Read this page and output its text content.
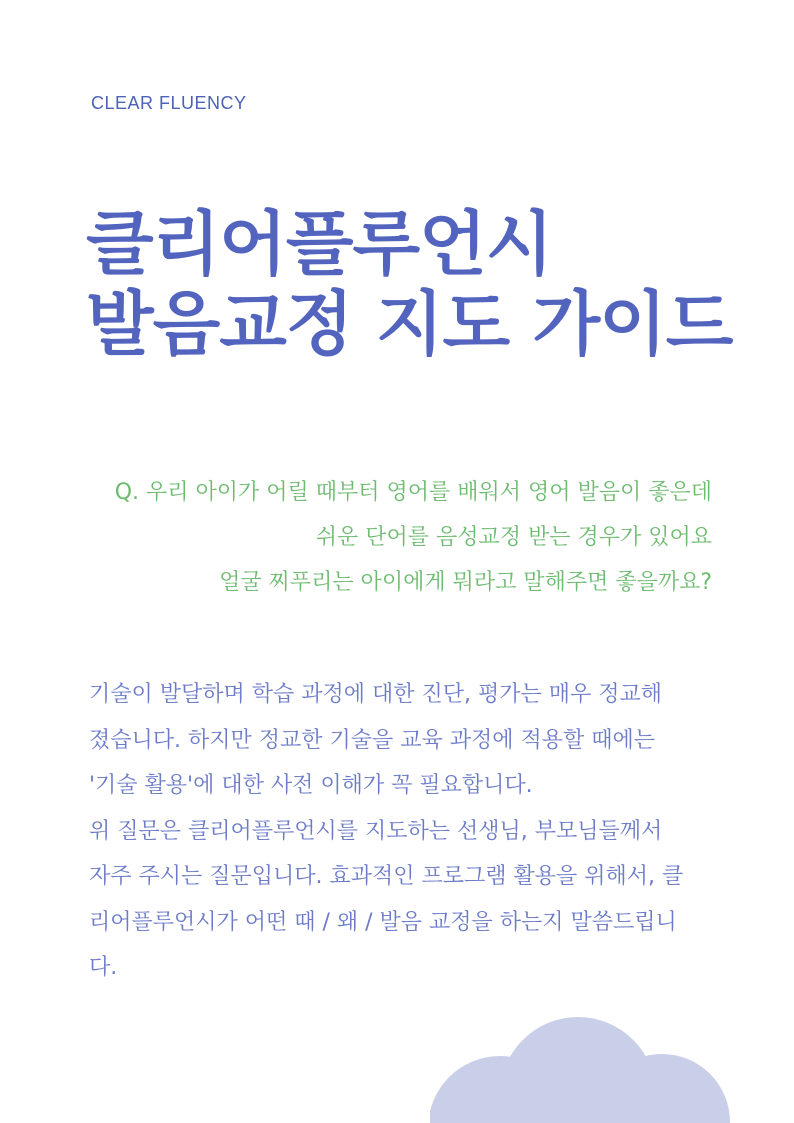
CLEAR FLUENCY
클리어플루언시
발음교정 지도 가이드
Q. 우리 아이가 어릴 때부터 영어를 배워서 영어 발음이 좋은데
쉬운 단어를 음성교정 받는 경우가 있어요
얼굴 찌푸리는 아이에게 뭐라고 말해주면 좋을까요?
기술이 발달하며 학습 과정에 대한 진단, 평가는 매우 정교해
졌습니다. 하지만 정교한 기술을 교육 과정에 적용할 때에는
'기술 활용'에 대한 사전 이해가 꼭 필요합니다.
위 질문은 클리어플루언시를 지도하는 선생님, 부모님들께서
자주 주시는 질문입니다. 효과적인 프로그램 활용을 위해서, 클
리어플루언시가 어떤 때 / 왜 / 발음 교정을 하는지 말씀드립니
다.
